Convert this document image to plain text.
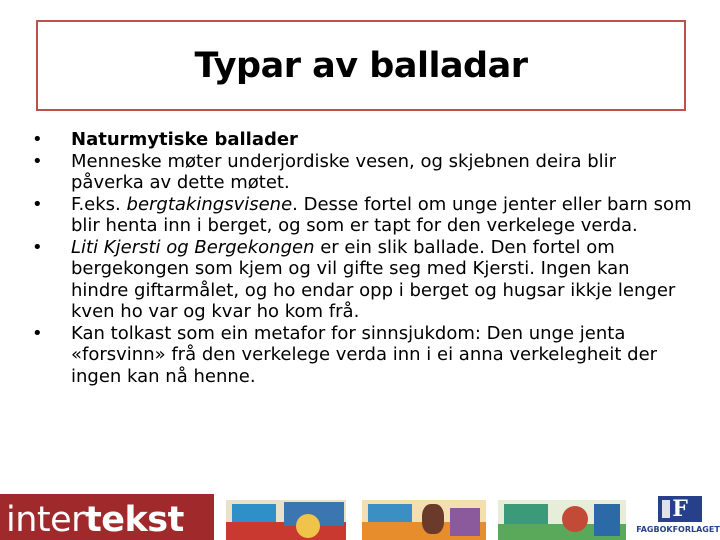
Typar av balladar
•	Naturmytiske ballader
•	Menneske møter underjordiske vesen, og skjebnen deira blir påverka av dette møtet.
•	F.eks. bergtakingsvisene. Desse fortel om unge jenter eller barn som blir henta inn i berget, og som er tapt for den verkelege verda.
•	Liti Kjersti og Bergekongen er ein slik ballade. Den fortel om bergekongen som kjem og vil gifte seg med Kjersti. Ingen kan hindre giftarmålet, og ho endar opp i berget og hugsar ikkje lenger kven ho var og kvar ho kom frå.
•	Kan tolkast som ein metafor for sinnsjukdom: Den unge jenta «forsvinn» frå den verkelege verda inn i ei anna verkelegheit der ingen kan nå henne.
intertekst	F
FAGBOKFORLAGET
